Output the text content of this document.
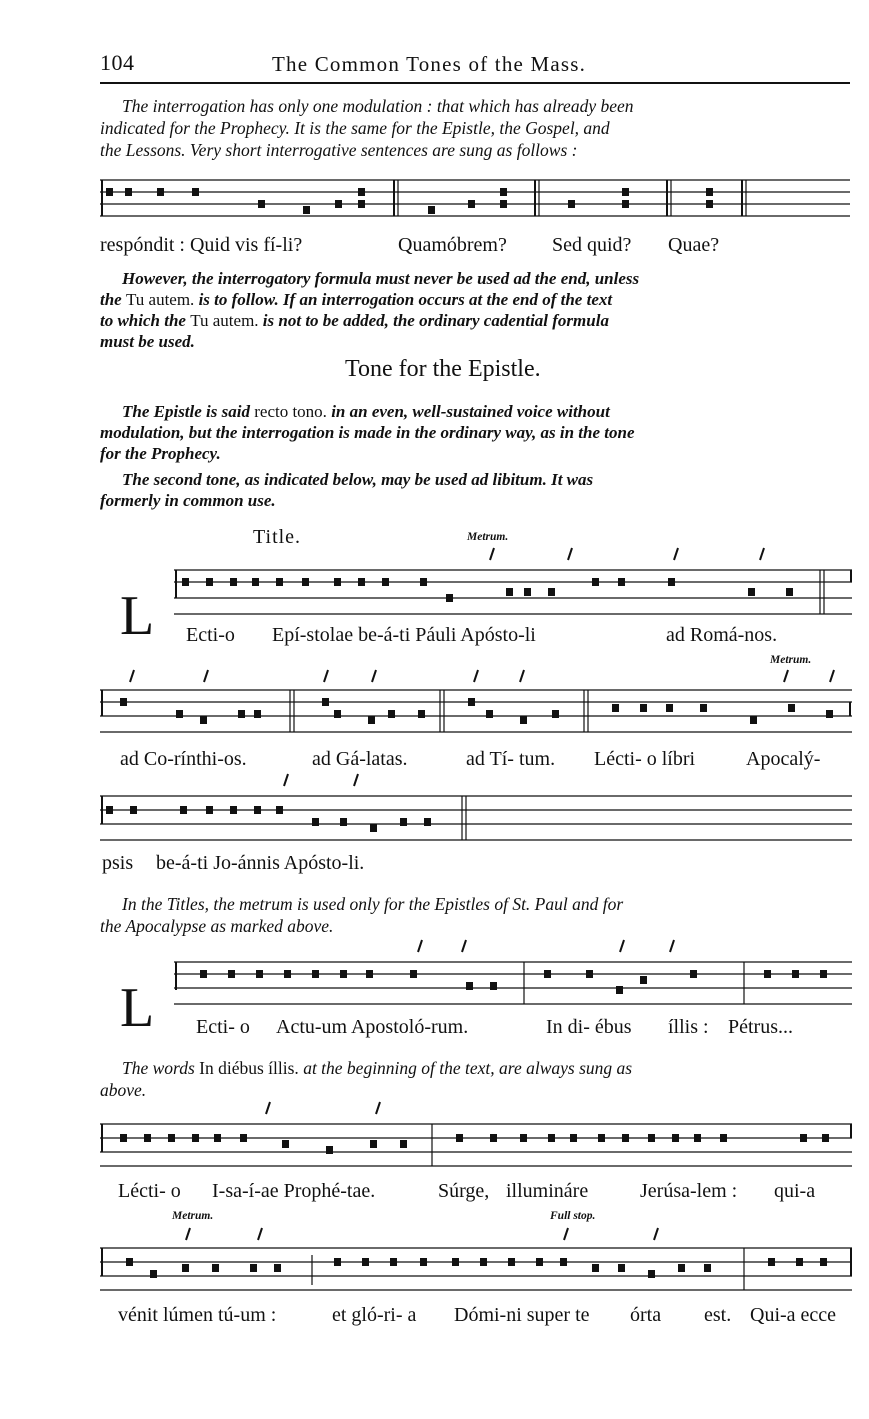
104	The Common Tones of the Mass.
The interrogation has only one modulation : that which has already been
indicated for the Prophecy. It is the same for the Epistle, the Gospel, and
the Lessons. Very short interrogative sentences are sung as follows :
respóndit : Quid vis fí-li?	Quamóbrem? Sed quid? Quae?
However, the interrogatory formula must never be used ad the end, unless
the Tu autem. is to follow. If an interrogation occurs at the end of the text
to which the Tu autem. is not to be added, the ordinary cadential formula
must be used.
Tone for the Epistle.
The Epistle is said recto tono. in an even, well-sustained voice without
modulation, but the interrogation is made in the ordinary way, as in the tone
for the Prophecy.
The second tone, as indicated below, may be used ad libitum. It was
formerly in common use.
Title.	Metrum.
L Ecti-o Epí-stolae be-á-ti Páuli Apósto-li	ad Romá-nos.
Metrum.
ad Co-rínthi-os.	ad Gá-latas.	ad Tí- tum. Lécti- o líbri	Apocalý-
psis be-á-ti Jo-ánnis Apósto-li.
In the Titles, the metrum is used only for the Epistles of St. Paul and for
the Apocalypse as marked above.
L Ecti- o Actu-um Apostoló-rum.	In di- ébus íllis : Pétrus...
The words In diébus íllis. at the beginning of the text, are always sung as
above.
Lécti- o I-sa-í-ae Prophé-tae.	Súrge, illumináre	Jerúsa-lem : qui-a
Metrum.	Full stop.
vénit lúmen tú-um :	et gló-ri- a Dómi-ni super te órta est. Qui-a ecce
